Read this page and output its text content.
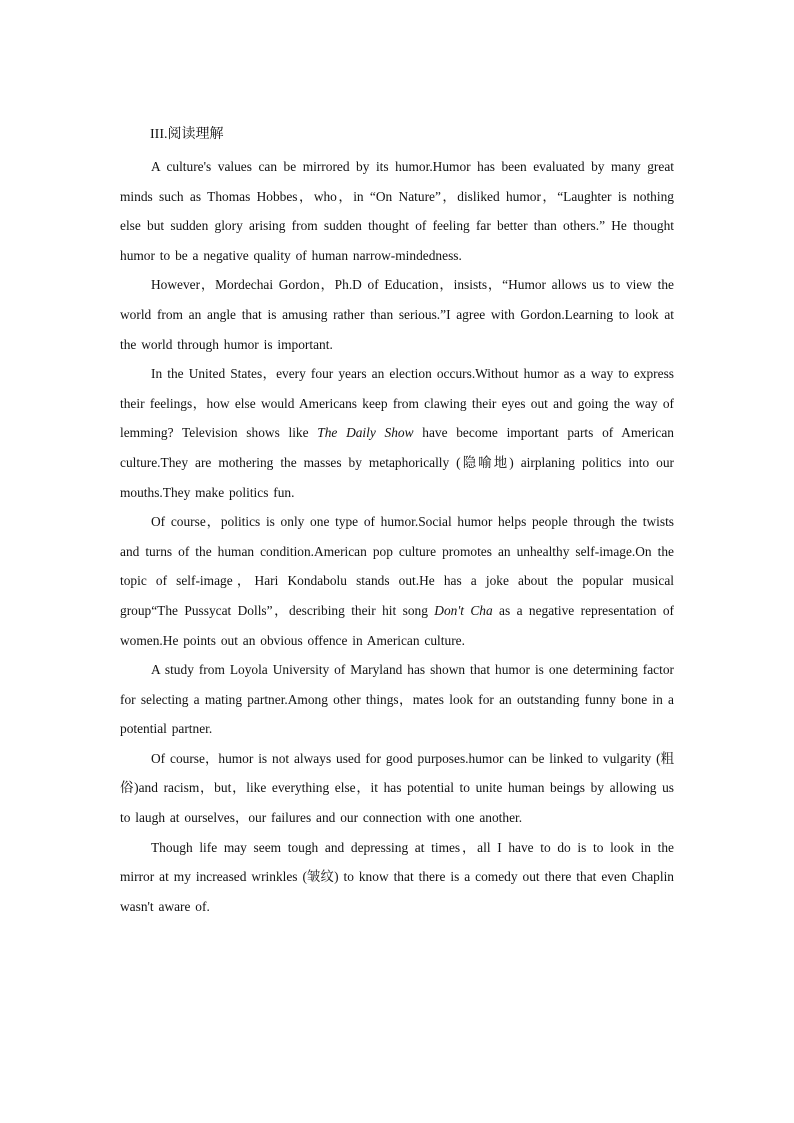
III.阅读理解

A culture's values can be mirrored by its humor.Humor has been evaluated by many great minds such as Thomas Hobbes，who，in “On Nature”，disliked humor，“Laughter is nothing else but sudden glory arising from sudden thought of feeling far better than others.” He thought humor to be a negative quality of human narrow-mindedness.

However，Mordechai Gordon，Ph.D of Education，insists，“Humor allows us to view the world from an angle that is amusing rather than serious.”I agree with Gordon.Learning to look at the world through humor is important.

In the United States，every four years an election occurs.Without humor as a way to express their feelings，how else would Americans keep from clawing their eyes out and going the way of lemming? Television shows like The Daily Show have become important parts of American culture.They are mothering the masses by metaphorically (隐喻地) airplaning politics into our mouths.They make politics fun.

Of course，politics is only one type of humor.Social humor helps people through the twists and turns of the human condition.American pop culture promotes an unhealthy self-image.On the topic of self-image，Hari Kondabolu stands out.He has a joke about the popular musical group“The Pussycat Dolls”，describing their hit song Don't Cha as a negative representation of women.He points out an obvious offence in American culture.

A study from Loyola University of Maryland has shown that humor is one determining factor for selecting a mating partner.Among other things，mates look for an outstanding funny bone in a potential partner.

Of course，humor is not always used for good purposes.humor can be linked to vulgarity (粗俗)and racism，but，like everything else，it has potential to unite human beings by allowing us to laugh at ourselves，our failures and our connection with one another.

Though life may seem tough and depressing at times，all I have to do is to look in the mirror at my increased wrinkles (皱纹) to know that there is a comedy out there that even Chaplin wasn't aware of.
